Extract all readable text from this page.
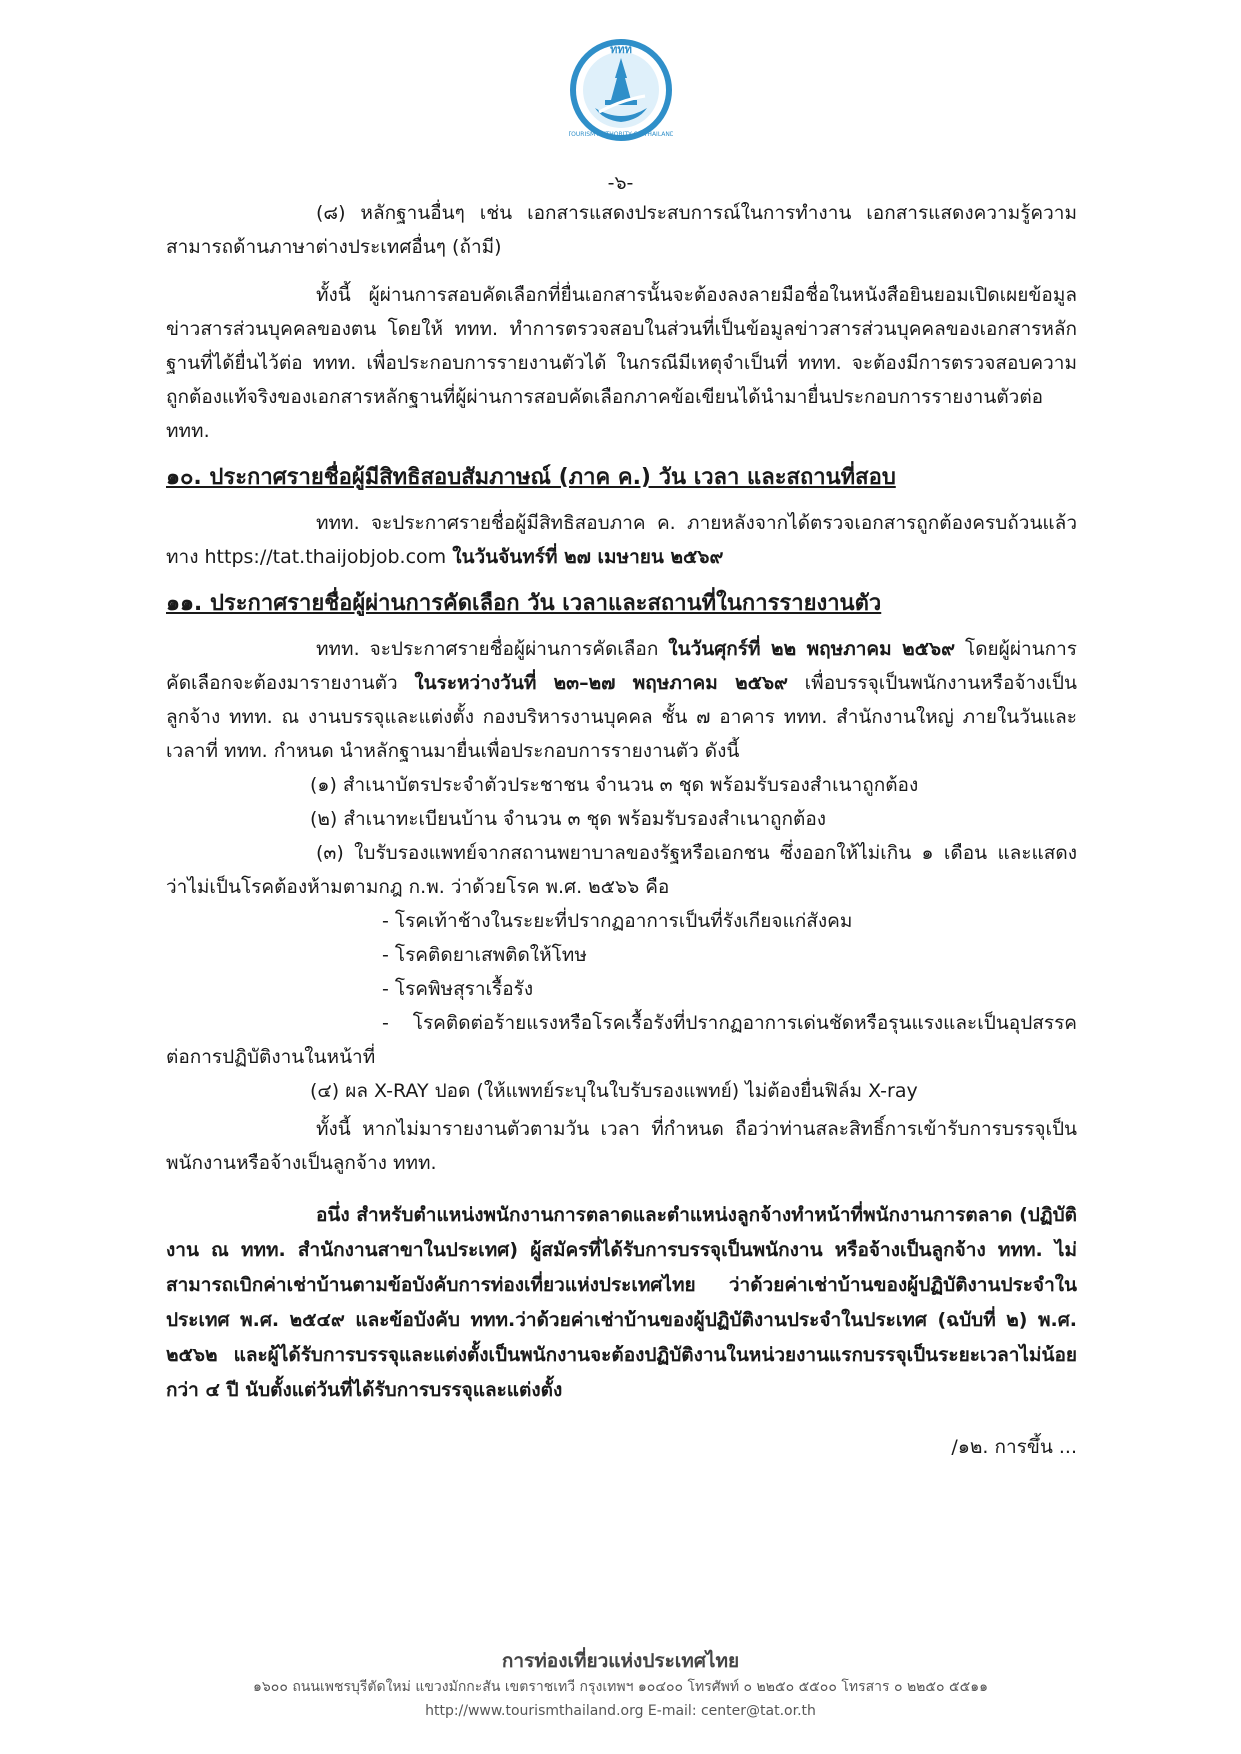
ททท
TOURISM AUTHORITY OF THAILAND
-๖-

(๘) หลักฐานอื่นๆ เช่น เอกสารแสดงประสบการณ์ในการทำงาน เอกสารแสดงความรู้ความสามารถด้านภาษาต่างประเทศอื่นๆ (ถ้ามี)

ทั้งนี้ ผู้ผ่านการสอบคัดเลือกที่ยื่นเอกสารนั้นจะต้องลงลายมือชื่อในหนังสือยินยอมเปิดเผยข้อมูลข่าวสารส่วนบุคคลของตน โดยให้ ททท. ทำการตรวจสอบในส่วนที่เป็นข้อมูลข่าวสารส่วนบุคคลของเอกสารหลักฐานที่ได้ยื่นไว้ต่อ ททท. เพื่อประกอบการรายงานตัวได้ ในกรณีมีเหตุจำเป็นที่ ททท. จะต้องมีการตรวจสอบความถูกต้องแท้จริงของเอกสารหลักฐานที่ผู้ผ่านการสอบคัดเลือกภาคข้อเขียนได้นำมายื่นประกอบการรายงานตัวต่อ ททท.

๑๐. ประกาศรายชื่อผู้มีสิทธิสอบสัมภาษณ์ (ภาค ค.) วัน เวลา และสถานที่สอบ

ททท. จะประกาศรายชื่อผู้มีสิทธิสอบภาค ค. ภายหลังจากได้ตรวจเอกสารถูกต้องครบถ้วนแล้ว ทาง https://tat.thaijobjob.com ในวันจันทร์ที่ ๒๗ เมษายน ๒๕๖๙

๑๑. ประกาศรายชื่อผู้ผ่านการคัดเลือก วัน เวลาและสถานที่ในการรายงานตัว

ททท. จะประกาศรายชื่อผู้ผ่านการคัดเลือก ในวันศุกร์ที่ ๒๒ พฤษภาคม ๒๕๖๙ โดยผู้ผ่านการคัดเลือกจะต้องมารายงานตัว ในระหว่างวันที่ ๒๓–๒๗ พฤษภาคม ๒๕๖๙ เพื่อบรรจุเป็นพนักงานหรือจ้างเป็นลูกจ้าง ททท. ณ งานบรรจุและแต่งตั้ง กองบริหารงานบุคคล ชั้น ๗ อาคาร ททท. สำนักงานใหญ่ ภายในวันและเวลาที่ ททท. กำหนด นำหลักฐานมายื่นเพื่อประกอบการรายงานตัว ดังนี้

(๑) สำเนาบัตรประจำตัวประชาชน จำนวน ๓ ชุด พร้อมรับรองสำเนาถูกต้อง

(๒) สำเนาทะเบียนบ้าน จำนวน ๓ ชุด พร้อมรับรองสำเนาถูกต้อง

(๓) ใบรับรองแพทย์จากสถานพยาบาลของรัฐหรือเอกชน ซึ่งออกให้ไม่เกิน ๑ เดือน และแสดงว่าไม่เป็นโรคต้องห้ามตามกฎ ก.พ. ว่าด้วยโรค พ.ศ. ๒๕๖๖ คือ

- โรคเท้าช้างในระยะที่ปรากฏอาการเป็นที่รังเกียจแก่สังคม

- โรคติดยาเสพติดให้โทษ

- โรคพิษสุราเรื้อรัง

- โรคติดต่อร้ายแรงหรือโรคเรื้อรังที่ปรากฏอาการเด่นชัดหรือรุนแรงและเป็นอุปสรรคต่อการปฏิบัติงานในหน้าที่

(๔) ผล X-RAY ปอด (ให้แพทย์ระบุในใบรับรองแพทย์) ไม่ต้องยื่นฟิล์ม X-ray

ทั้งนี้ หากไม่มารายงานตัวตามวัน เวลา ที่กำหนด ถือว่าท่านสละสิทธิ์การเข้ารับการบรรจุเป็นพนักงานหรือจ้างเป็นลูกจ้าง ททท.

อนึ่ง สำหรับตำแหน่งพนักงานการตลาดและตำแหน่งลูกจ้างทำหน้าที่พนักงานการตลาด (ปฏิบัติงาน ณ ททท. สำนักงานสาขาในประเทศ) ผู้สมัครที่ได้รับการบรรจุเป็นพนักงาน หรือจ้างเป็นลูกจ้าง ททท. ไม่สามารถเบิกค่าเช่าบ้านตามข้อบังคับการท่องเที่ยวแห่งประเทศไทย ว่าด้วยค่าเช่าบ้านของผู้ปฏิบัติงานประจำในประเทศ พ.ศ. ๒๕๔๙ และข้อบังคับ ททท.ว่าด้วยค่าเช่าบ้านของผู้ปฏิบัติงานประจำในประเทศ (ฉบับที่ ๒) พ.ศ. ๒๕๖๒ และผู้ได้รับการบรรจุและแต่งตั้งเป็นพนักงานจะต้องปฏิบัติงานในหน่วยงานแรกบรรจุเป็นระยะเวลาไม่น้อยกว่า ๔ ปี นับตั้งแต่วันที่ได้รับการบรรจุและแต่งตั้ง

/๑๒. การขึ้น ...

การท่องเที่ยวแห่งประเทศไทย
๑๖๐๐ ถนนเพชรบุรีตัดใหม่ แขวงมักกะสัน เขตราชเทวี กรุงเทพฯ ๑๐๔๐๐ โทรศัพท์ ๐ ๒๒๕๐ ๕๕๐๐ โทรสาร ๐ ๒๒๕๐ ๕๕๑๑
http://www.tourismthailand.org E-mail: center@tat.or.th
